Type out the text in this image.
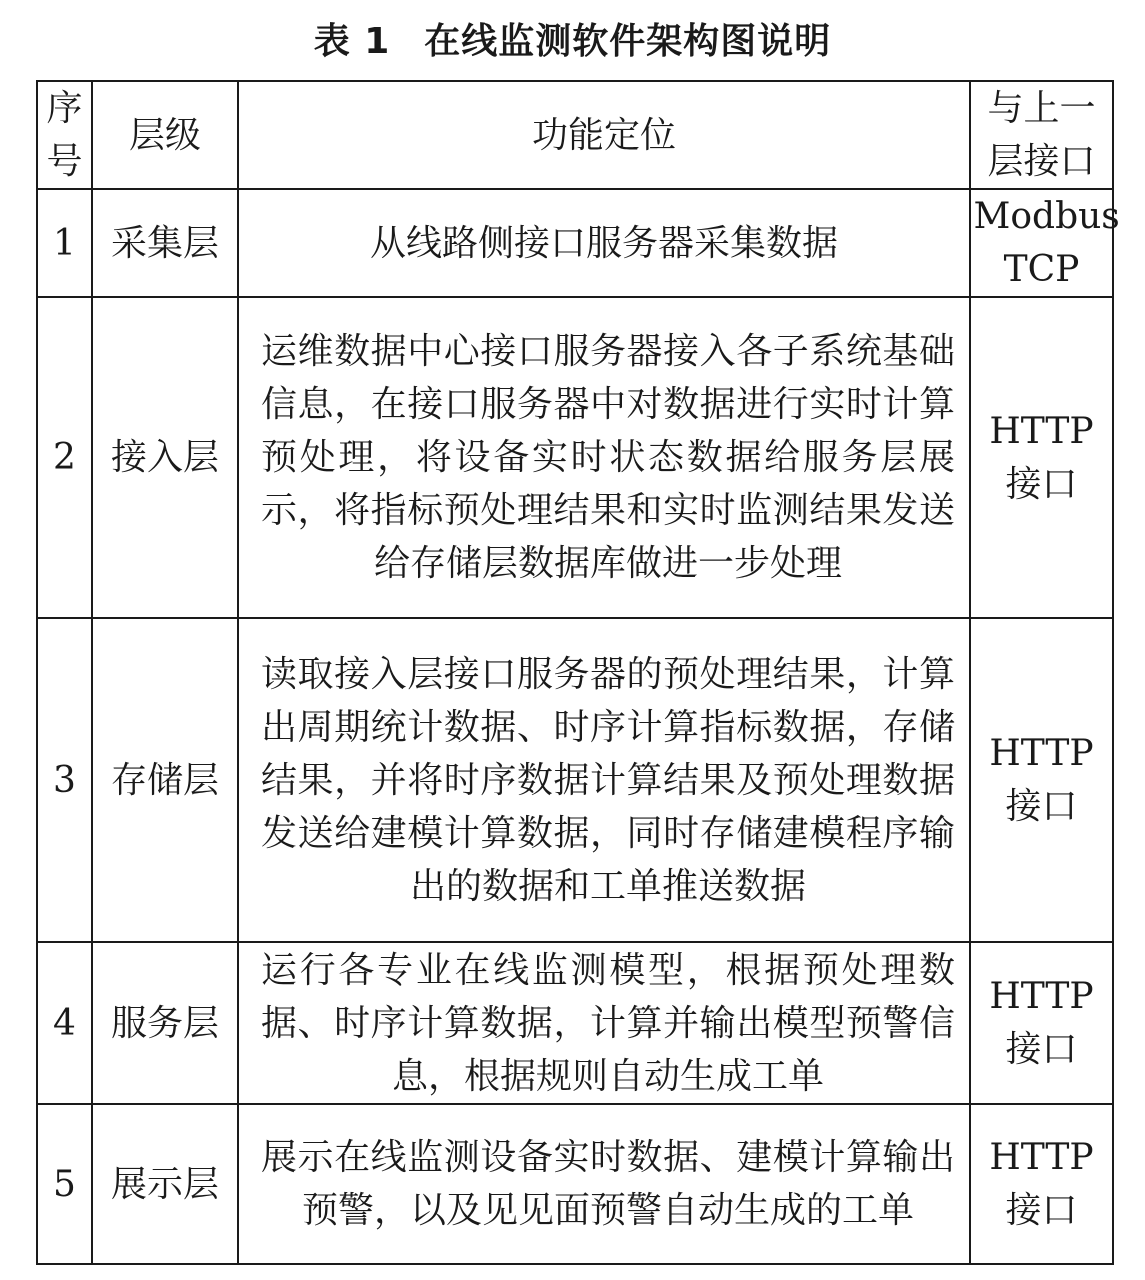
表 1 在线监测软件架构图说明
序号	层级	功能定位	与上一层接口

1	采集层	从线路侧接口服务器采集数据	Modbus TCP

2	接入层	运维数据中心接口服务器接入各子系统基础信息，在接口服务器中对数据进行实时计算预处理，将设备实时状态数据给服务层展示，将指标预处理结果和实时监测结果发送给存储层数据库做进一步处理	HTTP 接口

3	存储层	读取接入层接口服务器的预处理结果，计算出周期统计数据、时序计算指标数据，存储结果，并将时序数据计算结果及预处理数据发送给建模计算数据，同时存储建模程序输出的数据和工单推送数据	HTTP 接口

4	服务层	运行各专业在线监测模型，根据预处理数据、时序计算数据，计算并输出模型预警信息，根据规则自动生成工单	HTTP 接口

5	展示层	展示在线监测设备实时数据、建模计算输出预警，以及见见面预警自动生成的工单	HTTP 接口
